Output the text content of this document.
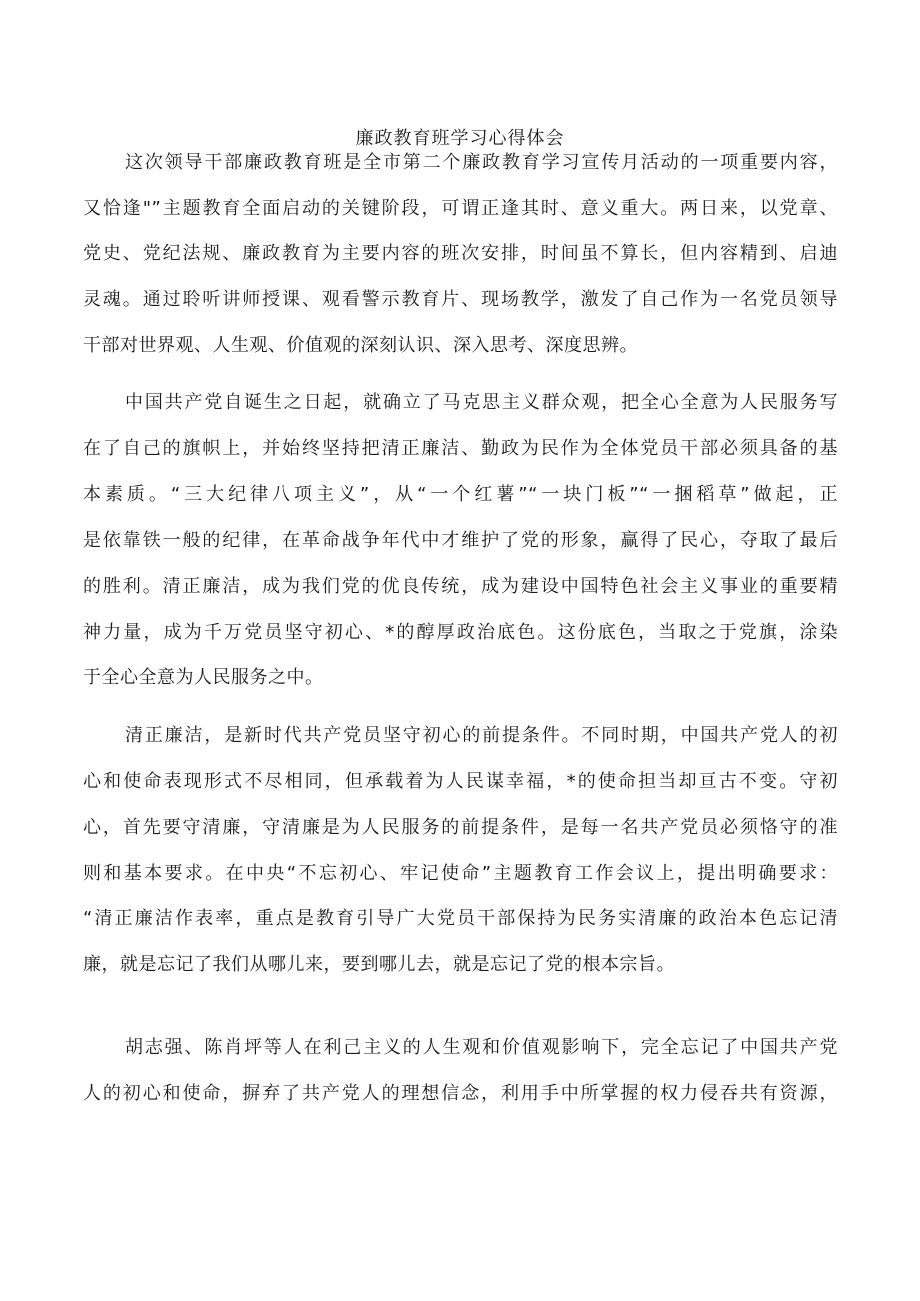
廉政教育班学习心得体会
这次领导干部廉政教育班是全市第二个廉政教育学习宣传月活动的一项重要内容，
又恰逢"”主题教育全面启动的关键阶段，可谓正逢其时、意义重大。两日来，以党章、
党史、党纪法规、廉政教育为主要内容的班次安排，时间虽不算长，但内容精到、启迪
灵魂。通过聆听讲师授课、观看警示教育片、现场教学，激发了自己作为一名党员领导
干部对世界观、人生观、价值观的深刻认识、深入思考、深度思辨。
中国共产党自诞生之日起，就确立了马克思主义群众观，把全心全意为人民服务写
在了自己的旗帜上，并始终坚持把清正廉洁、勤政为民作为全体党员干部必须具备的基
本素质。“三大纪律八项主义”，从“一个红薯”“一块门板”“一捆稻草”做起，正
是依靠铁一般的纪律，在革命战争年代中才维护了党的形象，赢得了民心，夺取了最后
的胜利。清正廉洁，成为我们党的优良传统，成为建设中国特色社会主义事业的重要精
神力量，成为千万党员坚守初心、*的醇厚政治底色。这份底色，当取之于党旗，涂染
于全心全意为人民服务之中。
清正廉洁，是新时代共产党员坚守初心的前提条件。不同时期，中国共产党人的初
心和使命表现形式不尽相同，但承载着为人民谋幸福，*的使命担当却亘古不变。守初
心，首先要守清廉，守清廉是为人民服务的前提条件，是每一名共产党员必须恪守的准
则和基本要求。在中央“不忘初心、牢记使命”主题教育工作会议上，提出明确要求：
“清正廉洁作表率，重点是教育引导广大党员干部保持为民务实清廉的政治本色忘记清
廉，就是忘记了我们从哪儿来，要到哪儿去，就是忘记了党的根本宗旨。
胡志强、陈肖坪等人在利己主义的人生观和价值观影响下，完全忘记了中国共产党
人的初心和使命，摒弃了共产党人的理想信念，利用手中所掌握的权力侵吞共有资源，
